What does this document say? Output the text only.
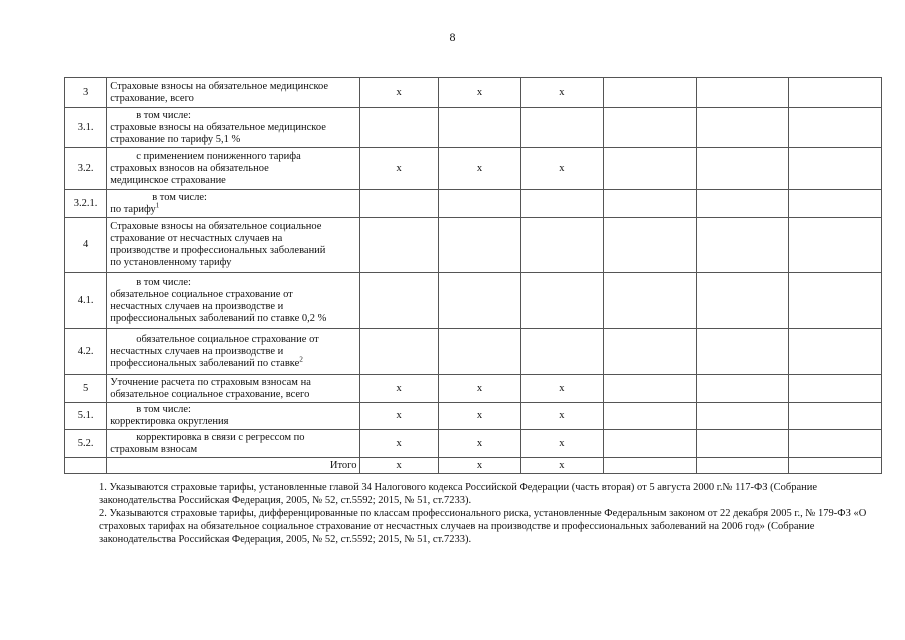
8
3	Страховые взносы на обязательное медицинское
страхование, всего	х	х	х			
3.1.	в том числе:
страховые взносы на обязательное медицинское
страхование по тарифу 5,1 %						

3.2.	с применением пониженного тарифа
страховых взносов на обязательное
медицинское страхование	х	х	х			
3.2.1.	в том числе:
по тарифу$^1$

4	Страховые взносы на обязательное социальное
страхование от несчастных случаев на
производстве и профессиональных заболеваний
по установленному тарифу						

4.1.	в том числе:
обязательное социальное страхование от
несчастных случаев на производстве и
профессиональных заболеваний по ставке 0,2 %						

4.2.	обязательное социальное страхование от
несчастных случаев на производстве и
профессиональных заболеваний по ставке$^2$

5	Уточнение расчета по страховым взносам на
обязательное социальное страхование, всего	х	х	х			
5.1.	в том числе:
корректировка округления	х	х	х			
5.2.	корректировка в связи с регрессом по
страховым взносам	х	х	х			
	Итого	х	х	х			

1. Указываются страховые тарифы, установленные главой 34 Налогового кодекса Российской Федерации (часть вторая) от 5 августа 2000 г.№ 117-ФЗ (Собрание законодательства Российская Федерация, 2005, № 52, ст.5592; 2015, № 51, ст.7233).

2. Указываются страховые тарифы, дифференцированные по классам профессионального риска, установленные Федеральным законом от 22 декабря 2005 г., № 179-ФЗ «О страховых тарифах на обязательное социальное страхование от несчастных случаев на производстве и профессиональных заболеваний на 2006 год» (Собрание законодательства Российская Федерация, 2005, № 52, ст.5592; 2015, № 51, ст.7233).
